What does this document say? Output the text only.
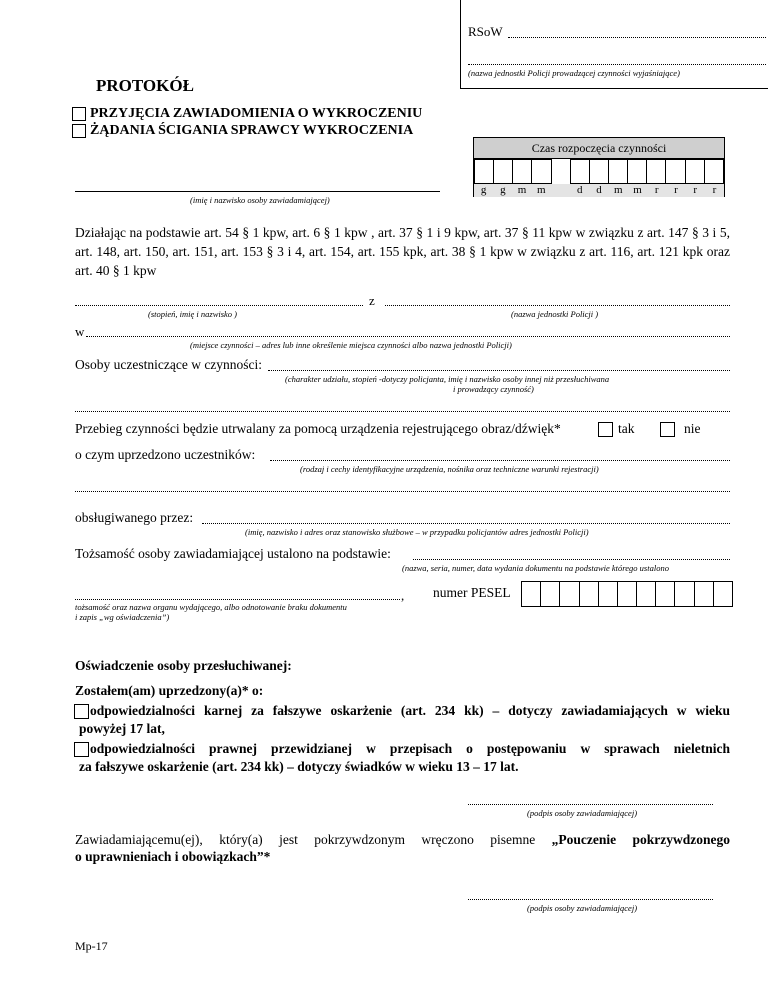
RSoW
(nazwa jednostki Policji prowadzącej czynności wyjaśniające)
PROTOKÓŁ
PRZYJĘCIA ZAWIADOMIENIA O WYKROCZENIU
ŻĄDANIA ŚCIGANIA SPRAWCY WYKROCZENIA
Czas rozpoczęcia czynności

g	g	m m	d	d	m m	r	r	r	r
(imię i nazwisko osoby zawiadamiającej)
Działając na podstawie art. 54 § 1 kpw, art. 6 § 1 kpw , art. 37 § 1 i 9 kpw, art. 37 § 11 kpw w związku z art. 147 § 3 i 5, art. 148, art. 150, art. 151, art. 153 § 3 i 4, art. 154, art. 155 kpk, art. 38 § 1 kpw w związku z art. 116, art. 121 kpk oraz art. 40 § 1 kpw
z
(stopień, imię i nazwisko )	(nazwa jednostki Policji )
w
(miejsce czynności – adres lub inne określenie miejsca czynności albo nazwa jednostki Policji)
Osoby uczestniczące w czynności:
(charakter udziału, stopień -dotyczy policjanta, imię i nazwisko osoby innej niż przesłuchiwana
i prowadzący czynność)
Przebieg czynności będzie utrwalany za pomocą urządzenia rejestrującego obraz/dźwięk*	tak	nie
o czym uprzedzono uczestników:
(rodzaj i cechy identyfikacyjne urządzenia, nośnika oraz techniczne warunki rejestracji)
obsługiwanego przez:
(imię, nazwisko i adres oraz stanowisko służbowe – w przypadku policjantów adres jednostki Policji)
Tożsamość osoby zawiadamiającej ustalono na podstawie:
(nazwa, seria, numer, data wydania dokumentu na podstawie którego ustalono
,
tożsamość oraz nazwa organu wydającego, albo odnotowanie braku dokumentu
i zapis „wg oświadczenia”)
numer PESEL

Oświadczenie osoby przesłuchiwanej:
Zostałem(am) uprzedzony(a)* o:
odpowiedzialności karnej za fałszywe oskarżenie (art. 234 kk) – dotyczy zawiadamiających w wieku
powyżej 17 lat,
odpowiedzialności prawnej przewidzianej w przepisach o postępowaniu w sprawach nieletnich
za fałszywe oskarżenie (art. 234 kk) – dotyczy świadków w wieku 13 – 17 lat.
(podpis osoby zawiadamiającej)
Zawiadamiającemu(ej), który(a) jest pokrzywdzonym wręczono pisemne „Pouczenie pokrzywdzonego
o uprawnieniach i obowiązkach”*
(podpis osoby zawiadamiającej)
Mp-17
